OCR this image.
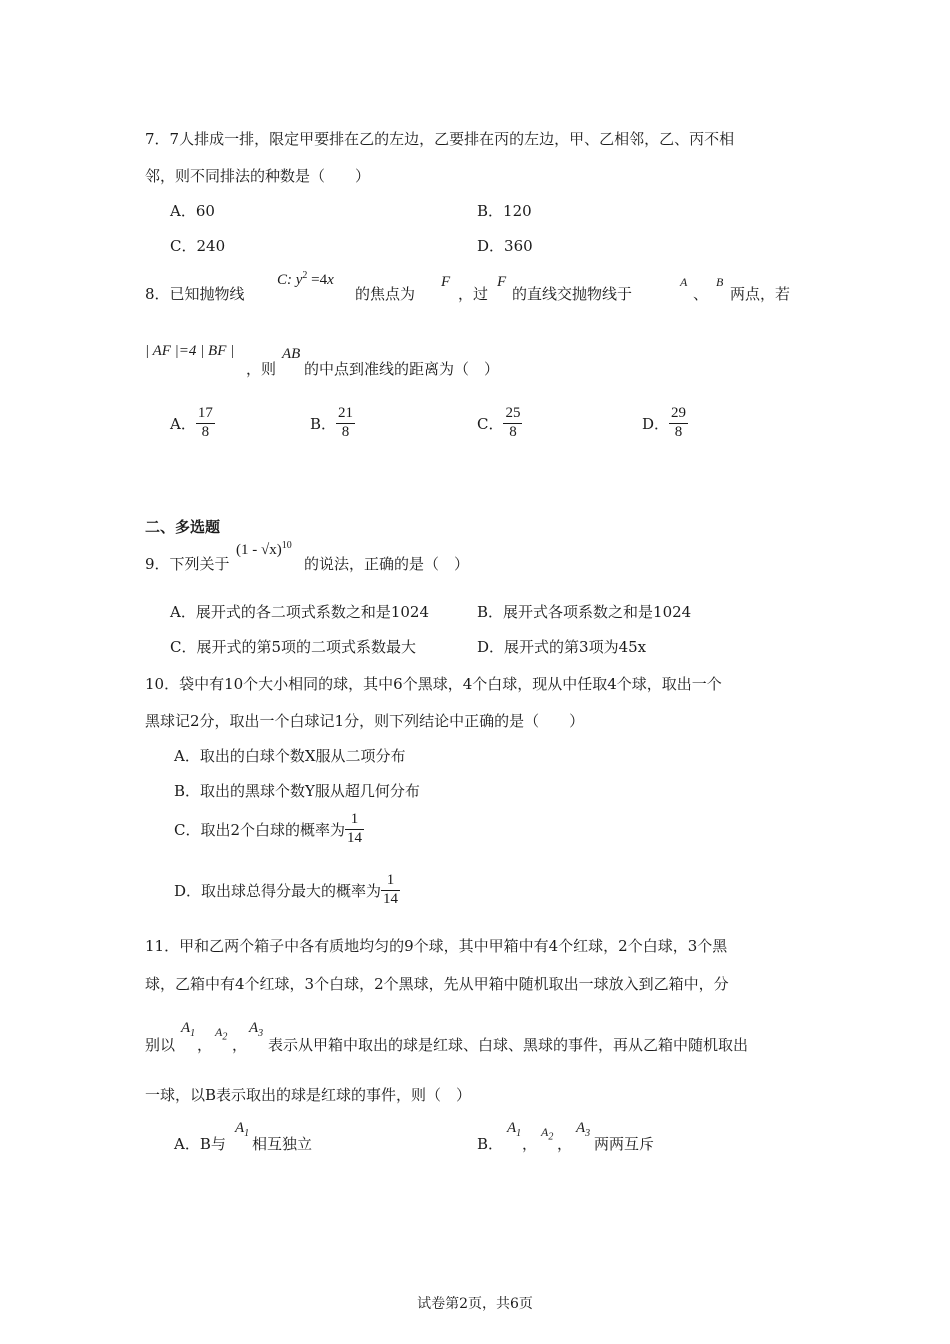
7．7人排成一排，限定甲要排在乙的左边，乙要排在丙的左边，甲、乙相邻，乙、丙不相
邻，则不同排法的种数是（　　）
A．60	B．120
C．240	D．360
8．已知抛物线
C: $y^2 =4x$
的焦点为
F
，过
F
的直线交抛物线于
A
、
B
两点，若
| AF |=4 | BF |
，则
AB
的中点到准线的距离为（　）
A． $\frac{17}{8}$	B． $\frac{21}{8}$	C． $\frac{25}{8}$	D． $\frac{29}{8}$
二、多选题
9．下列关于
(1 - √x)$^{10}$
的说法，正确的是（　）
A．展开式的各二项式系数之和是1024	B．展开式各项系数之和是1024
C．展开式的第5项的二项式系数最大	D．展开式的第3项为45x
10．袋中有10个大小相同的球，其中6个黑球，4个白球，现从中任取4个球，取出一个
黑球记2分，取出一个白球记1分，则下列结论中正确的是（　　）
A．取出的白球个数X服从二项分布
B．取出的黑球个数Y服从超几何分布
C．取出2个白球的概率为 $\frac{1}{14}$
D．取出球总得分最大的概率为 $\frac{1}{14}$
11．甲和乙两个箱子中各有质地均匀的9个球，其中甲箱中有4个红球，2个白球，3个黑
球，乙箱中有4个红球，3个白球，2个黑球，先从甲箱中随机取出一球放入到乙箱中，分
别以
$A_1$
，
$A_2$ ，
$A_3$
表示从甲箱中取出的球是红球、白球、黑球的事件，再从乙箱中随机取出
一球，以B表示取出的球是红球的事件，则（　）
A．B与
$A_1$
相互独立	B．
$A_1$
，
$A_2$ ，
$A_3$
两两互斥
试卷第2页，共6页
